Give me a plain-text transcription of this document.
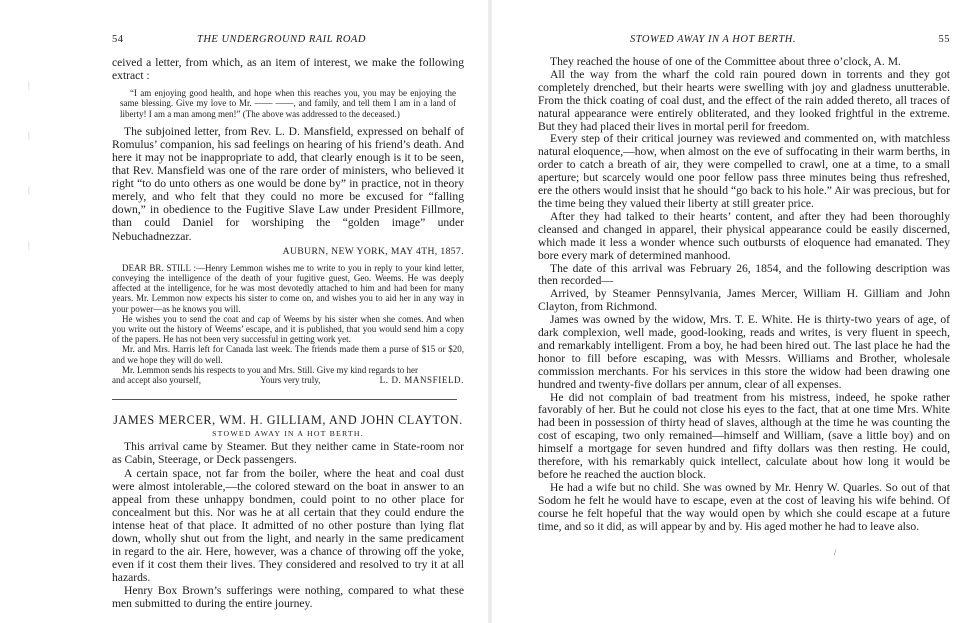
54	THE UNDERGROUND RAIL ROAD
|
|
|
|

ceived a letter, from which, as an item of interest, we make the following extract :

“I am enjoying good health, and hope when this reaches you, you may be enjoying the same blessing. Give my love to Mr. —— ——, and family, and tell them I am in a land of liberty! I am a man among men!” (The above was addressed to the deceased.)

The subjoined letter, from Rev. L. D. Mansfield, expressed on behalf of Romulus’ companion, his sad feelings on hearing of his friend’s death. And here it may not be inappropriate to add, that clearly enough is it to be seen, that Rev. Mansfield was one of the rare order of ministers, who believed it right “to do unto others as one would be done by” in practice, not in theory merely, and who felt that they could no more be excused for “falling down,” in obedience to the Fugitive Slave Law under President Fillmore, than could Daniel for worshiping the “golden image” under Nebuchadnezzar.

AUBURN, NEW YORK, MAY 4TH, 1857.

DEAR BR. STILL :—Henry Lemmon wishes me to write to you in reply to your kind letter, conveying the intelligence of the death of your fugitive guest, Geo. Weems. He was deeply affected at the intelligence, for he was most devotedly attached to him and had been for many years. Mr. Lemmon now expects his sister to come on, and wishes you to aid her in any way in your power—as he knows you will.

He wishes you to send the coat and cap of Weems by his sister when she comes. And when you write out the history of Weems’ escape, and it is published, that you would send him a copy of the papers. He has not been very successful in getting work yet.

Mr. and Mrs. Harris left for Canada last week. The friends made them a purse of $15 or $20, and we hope they will do well.

Mr. Lemmon sends his respects to you and Mrs. Still. Give my kind regards to her

and accept also yourself,	Yours very truly,	L. D. MANSFIELD.

JAMES MERCER, WM. H. GILLIAM, AND JOHN CLAYTON.

STOWED AWAY IN A HOT BERTH.

This arrival came by Steamer. But they neither came in State-room nor as Cabin, Steerage, or Deck passengers.

A certain space, not far from the boiler, where the heat and coal dust were almost intolerable,—the colored steward on the boat in answer to an appeal from these unhappy bondmen, could point to no other place for concealment but this. Nor was he at all certain that they could endure the intense heat of that place. It admitted of no other posture than lying flat down, wholly shut out from the light, and nearly in the same predicament in regard to the air. Here, however, was a chance of throwing off the yoke, even if it cost them their lives. They considered and resolved to try it at all hazards.

Henry Box Brown’s sufferings were nothing, compared to what these men submitted to during the entire journey.

STOWED AWAY IN A HOT BERTH.	55

They reached the house of one of the Committee about three o’clock, A. M.

All the way from the wharf the cold rain poured down in torrents and they got completely drenched, but their hearts were swelling with joy and gladness unutterable. From the thick coating of coal dust, and the effect of the rain added thereto, all traces of natural appearance were entirely obliterated, and they looked frightful in the extreme. But they had placed their lives in mortal peril for freedom.

Every step of their critical journey was reviewed and commented on, with matchless natural eloquence,—how, when almost on the eve of suffocating in their warm berths, in order to catch a breath of air, they were compelled to crawl, one at a time, to a small aperture; but scarcely would one poor fellow pass three minutes being thus refreshed, ere the others would insist that he should “go back to his hole.” Air was precious, but for the time being they valued their liberty at still greater price.

After they had talked to their hearts’ content, and after they had been thoroughly cleansed and changed in apparel, their physical appearance could be easily discerned, which made it less a wonder whence such outbursts of eloquence had emanated. They bore every mark of determined manhood.

The date of this arrival was February 26, 1854, and the following description was then recorded—

Arrived, by Steamer Pennsylvania, James Mercer, William H. Gilliam and John Clayton, from Richmond.

James was owned by the widow, Mrs. T. E. White. He is thirty-two years of age, of dark complexion, well made, good-looking, reads and writes, is very fluent in speech, and remarkably intelligent. From a boy, he had been hired out. The last place he had the honor to fill before escaping, was with Messrs. Williams and Brother, wholesale commission merchants. For his services in this store the widow had been drawing one hundred and twenty-five dollars per annum, clear of all expenses.

He did not complain of bad treatment from his mistress, indeed, he spoke rather favorably of her. But he could not close his eyes to the fact, that at one time Mrs. White had been in possession of thirty head of slaves, although at the time he was counting the cost of escaping, two only remained—himself and William, (save a little boy) and on himself a mortgage for seven hundred and fifty dollars was then resting. He could, therefore, with his remarkably quick intellect, calculate about how long it would be before he reached the auction block.

He had a wife but no child. She was owned by Mr. Henry W. Quarles. So out of that Sodom he felt he would have to escape, even at the cost of leaving his wife behind. Of course he felt hopeful that the way would open by which she could escape at a future time, and so it did, as will appear by and by. His aged mother he had to leave also.

/
